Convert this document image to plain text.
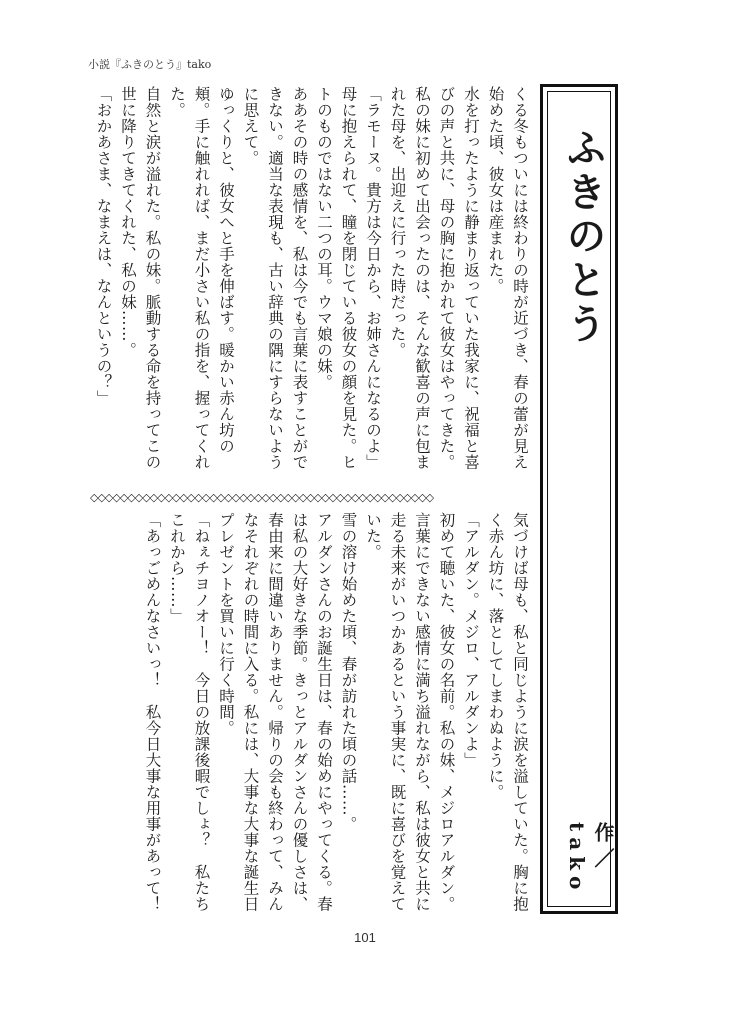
小説『ふきのとう』tako
ふきのとう
作／tako

くる冬もついには終わりの時が近づき、春の蕾が見え始めた頃、彼女は産まれた。

水を打ったように静まり返っていた我家に、祝福と喜びの声と共に、母の胸に抱かれて彼女はやってきた。私の妹に初めて出会ったのは、そんな歓喜の声に包まれた母を、出迎えに行った時だった。

「ラモーヌ。貴方は今日から、お姉さんになるのよ」

母に抱えられて、瞳を閉じている彼女の顔を見た。ヒトのものではない二つの耳。ウマ娘の妹。

ああその時の感情を、私は今でも言葉に表すことができない。適当な表現も、古い辞典の隅にすらないように思えて。

ゆっくりと、彼女へと手を伸ばす。暖かい赤ん坊の頬。手に触れれば、まだ小さい私の指を、握ってくれた。

自然と涙が溢れた。私の妹。脈動する命を持ってこの世に降りてきてくれた、私の妹……。

「おかあさま、なまえは、なんというの？」

◇◇◇◇◇◇◇◇◇◇◇◇◇◇◇◇◇◇◇◇◇◇◇◇◇◇◇◇◇◇◇◇◇◇◇◇◇◇◇◇◇◇◇◇◇◇

気づけば母も、私と同じように涙を溢していた。胸に抱く赤ん坊に、落としてしまわぬように。

「アルダン。メジロ、アルダンよ」

初めて聴いた、彼女の名前。私の妹、メジロアルダン。言葉にできない感情に満ち溢れながら、私は彼女と共に走る未来がいつかあるという事実に、既に喜びを覚えていた。

雪の溶け始めた頃、春が訪れた頃の話……。

アルダンさんのお誕生日は、春の始めにやってくる。春は私の大好きな季節。きっとアルダンさんの優しさは、春由来に間違いありません。帰りの会も終わって、みんなそれぞれの時間に入る。私には、大事な大事な誕生日プレゼントを買いに行く時間。

「ねぇチヨノオー！　今日の放課後暇でしょ？　私たちこれから……」

「あっごめんなさいっ！　私今日大事な用事があって！

101
